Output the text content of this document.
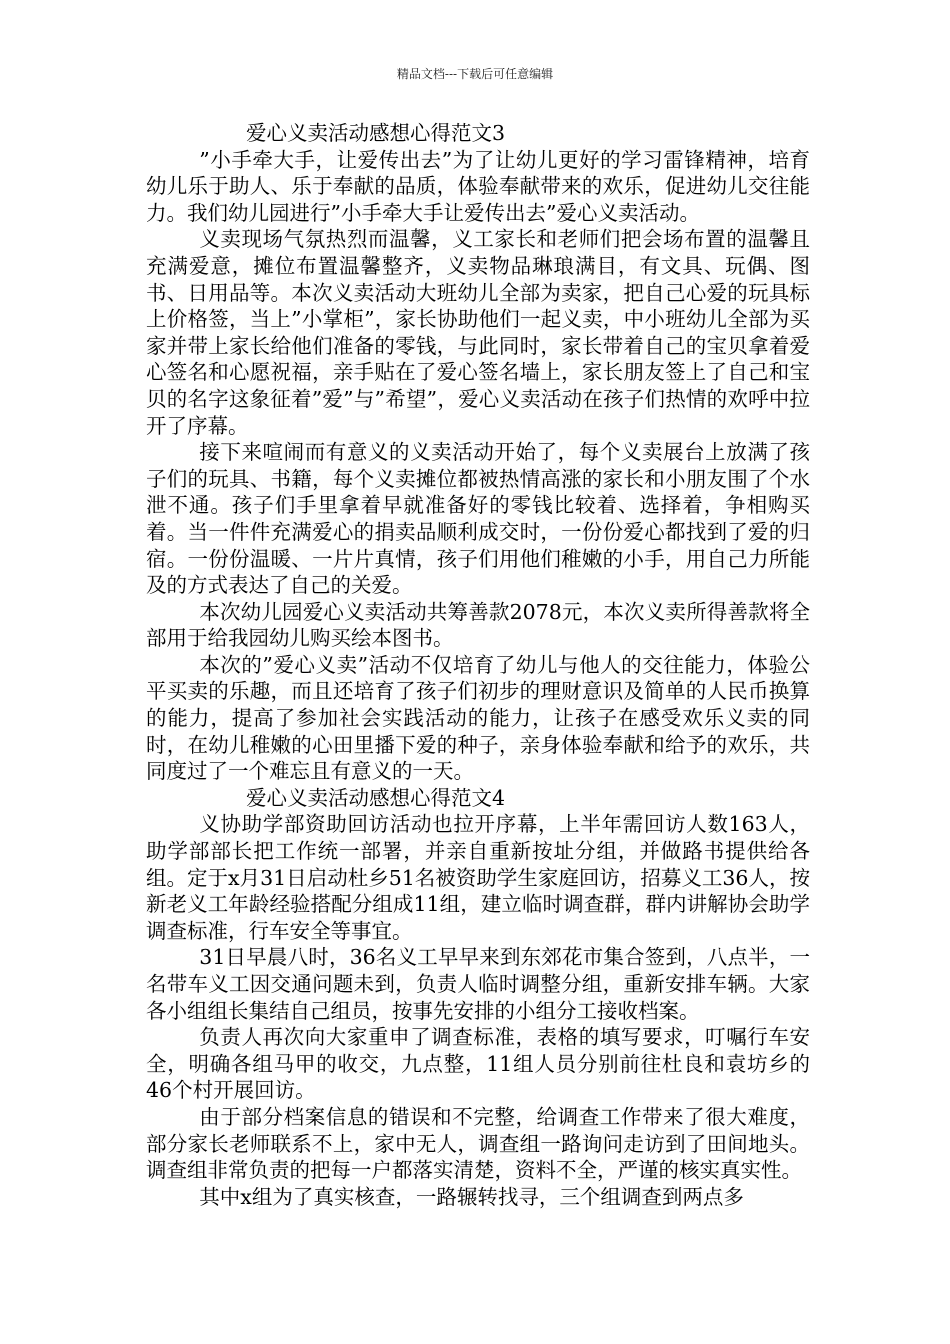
精品文档---下载后可任意编辑
爱心义卖活动感想心得范文3

”小手牵大手，让爱传出去”为了让幼儿更好的学习雷锋精神，培育幼儿乐于助人、乐于奉献的品质，体验奉献带来的欢乐，促进幼儿交往能力。我们幼儿园进行”小手牵大手让爱传出去”爱心义卖活动。

义卖现场气氛热烈而温馨，义工家长和老师们把会场布置的温馨且充满爱意，摊位布置温馨整齐，义卖物品琳琅满目，有文具、玩偶、图书、日用品等。本次义卖活动大班幼儿全部为卖家，把自己心爱的玩具标上价格签，当上”小掌柜”，家长协助他们一起义卖，中小班幼儿全部为买家并带上家长给他们准备的零钱，与此同时，家长带着自己的宝贝拿着爱心签名和心愿祝福，亲手贴在了爱心签名墙上，家长朋友签上了自己和宝贝的名字这象征着”爱”与”希望”，爱心义卖活动在孩子们热情的欢呼中拉开了序幕。

接下来喧闹而有意义的义卖活动开始了，每个义卖展台上放满了孩子们的玩具、书籍，每个义卖摊位都被热情高涨的家长和小朋友围了个水泄不通。孩子们手里拿着早就准备好的零钱比较着、选择着，争相购买着。当一件件充满爱心的捐卖品顺利成交时，一份份爱心都找到了爱的归宿。一份份温暖、一片片真情，孩子们用他们稚嫩的小手，用自己力所能及的方式表达了自己的关爱。

本次幼儿园爱心义卖活动共筹善款2078元，本次义卖所得善款将全部用于给我园幼儿购买绘本图书。

本次的”爱心义卖”活动不仅培育了幼儿与他人的交往能力，体验公平买卖的乐趣，而且还培育了孩子们初步的理财意识及简单的人民币换算的能力，提高了参加社会实践活动的能力，让孩子在感受欢乐义卖的同时，在幼儿稚嫩的心田里播下爱的种子，亲身体验奉献和给予的欢乐，共同度过了一个难忘且有意义的一天。

爱心义卖活动感想心得范文4

义协助学部资助回访活动也拉开序幕，上半年需回访人数163人，助学部部长把工作统一部署，并亲自重新按址分组，并做路书提供给各组。定于x月31日启动杜乡51名被资助学生家庭回访，招募义工36人，按新老义工年龄经验搭配分组成11组，建立临时调查群，群内讲解协会助学调查标准，行车安全等事宜。

31日早晨八时，36名义工早早来到东郊花市集合签到，八点半，一名带车义工因交通问题未到，负责人临时调整分组，重新安排车辆。大家各小组组长集结自己组员，按事先安排的小组分工接收档案。

负责人再次向大家重申了调查标准，表格的填写要求，叮嘱行车安全，明确各组马甲的收交，九点整，11组人员分别前往杜良和袁坊乡的46个村开展回访。

由于部分档案信息的错误和不完整，给调查工作带来了很大难度，部分家长老师联系不上，家中无人，调查组一路询问走访到了田间地头。调查组非常负责的把每一户都落实清楚，资料不全，严谨的核实真实性。

其中x组为了真实核查，一路辗转找寻，三个组调查到两点多
